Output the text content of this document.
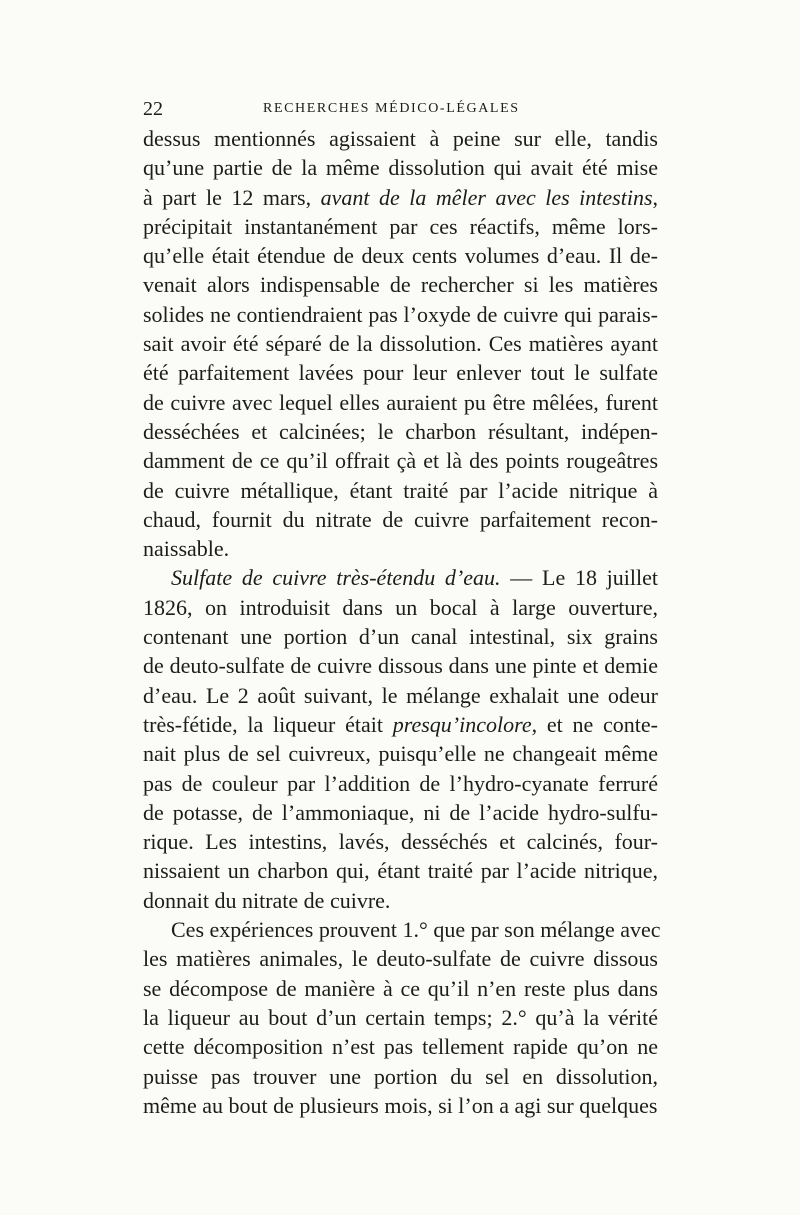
22	RECHERCHES MÉDICO-LÉGALES
dessus mentionnés agissaient à peine sur elle, tandis
qu’une partie de la même dissolution qui avait été mise
à part le 12 mars, avant de la mêler avec les intestins,
précipitait instantanément par ces réactifs, même lors-
qu’elle était étendue de deux cents volumes d’eau. Il de-
venait alors indispensable de rechercher si les matières
solides ne contiendraient pas l’oxyde de cuivre qui parais-
sait avoir été séparé de la dissolution. Ces matières ayant
été parfaitement lavées pour leur enlever tout le sulfate
de cuivre avec lequel elles auraient pu être mêlées, furent
desséchées et calcinées; le charbon résultant, indépen-
damment de ce qu’il offrait çà et là des points rougeâtres
de cuivre métallique, étant traité par l’acide nitrique à
chaud, fournit du nitrate de cuivre parfaitement recon-
naissable.
Sulfate de cuivre très-étendu d’eau. — Le 18 juillet
1826, on introduisit dans un bocal à large ouverture,
contenant une portion d’un canal intestinal, six grains
de deuto-sulfate de cuivre dissous dans une pinte et demie
d’eau. Le 2 août suivant, le mélange exhalait une odeur
très-fétide, la liqueur était presqu’incolore, et ne conte-
nait plus de sel cuivreux, puisqu’elle ne changeait même
pas de couleur par l’addition de l’hydro-cyanate ferruré
de potasse, de l’ammoniaque, ni de l’acide hydro-sulfu-
rique. Les intestins, lavés, desséchés et calcinés, four-
nissaient un charbon qui, étant traité par l’acide nitrique,
donnait du nitrate de cuivre.
Ces expériences prouvent 1.° que par son mélange avec
les matières animales, le deuto-sulfate de cuivre dissous
se décompose de manière à ce qu’il n’en reste plus dans
la liqueur au bout d’un certain temps; 2.° qu’à la vérité
cette décomposition n’est pas tellement rapide qu’on ne
puisse pas trouver une portion du sel en dissolution,
même au bout de plusieurs mois, si l’on a agi sur quelques
